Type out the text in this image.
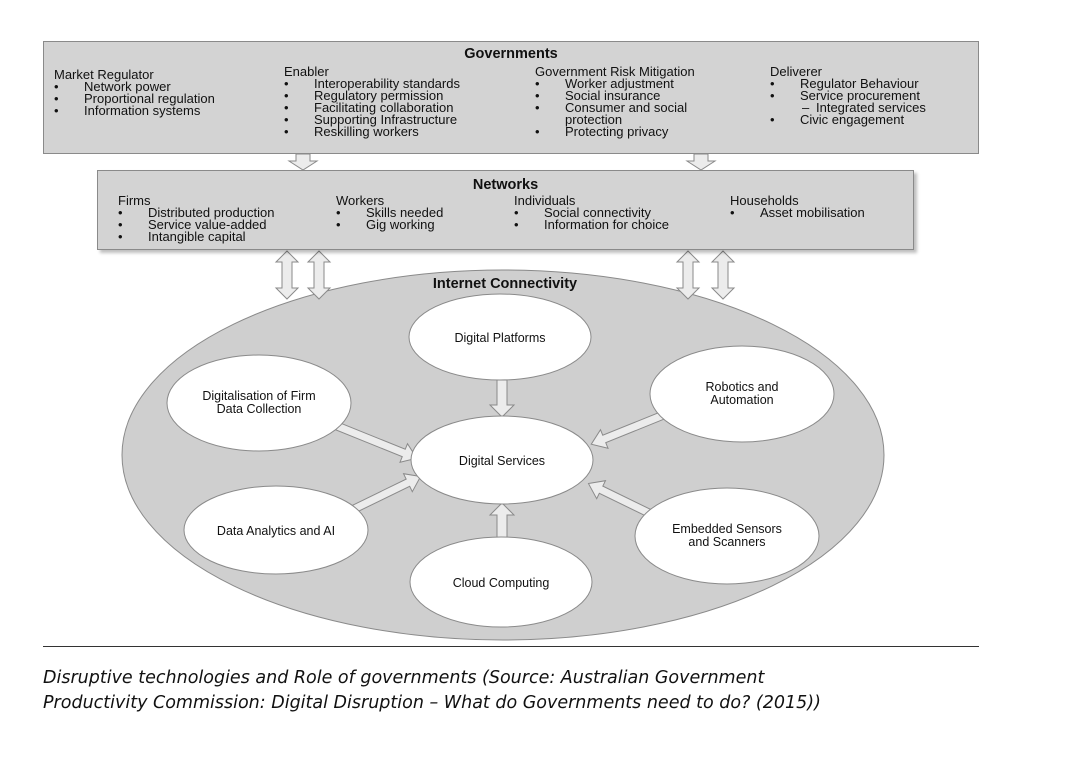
Internet Connectivity
Digital Platforms
Digitalisation of Firm
Data Collection
Robotics and
Automation
Digital Services
Data Analytics and AI	Embedded Sensors
and Scanners
Cloud Computing
Governments
Market Regulator
• Network power
• Proportional regulation
• Information systems
Enabler
• Interoperability standards
• Regulatory permission
• Facilitating collaboration
• Supporting Infrastructure
• Reskilling workers
Government Risk Mitigation
• Worker adjustment
• Social insurance
• Consumer and social
protection
• Protecting privacy
Deliverer
• Regulator Behaviour
• Service procurement
– Integrated services
• Civic engagement
Networks
Firms
• Distributed production
• Service value-added
• Intangible capital
Workers
• Skills needed
• Gig working
Individuals
• Social connectivity
• Information for choice
Households
• Asset mobilisation
Disruptive technologies and Role of governments (Source: Australian Government
Productivity Commission: Digital Disruption – What do Governments need to do? (2015))
